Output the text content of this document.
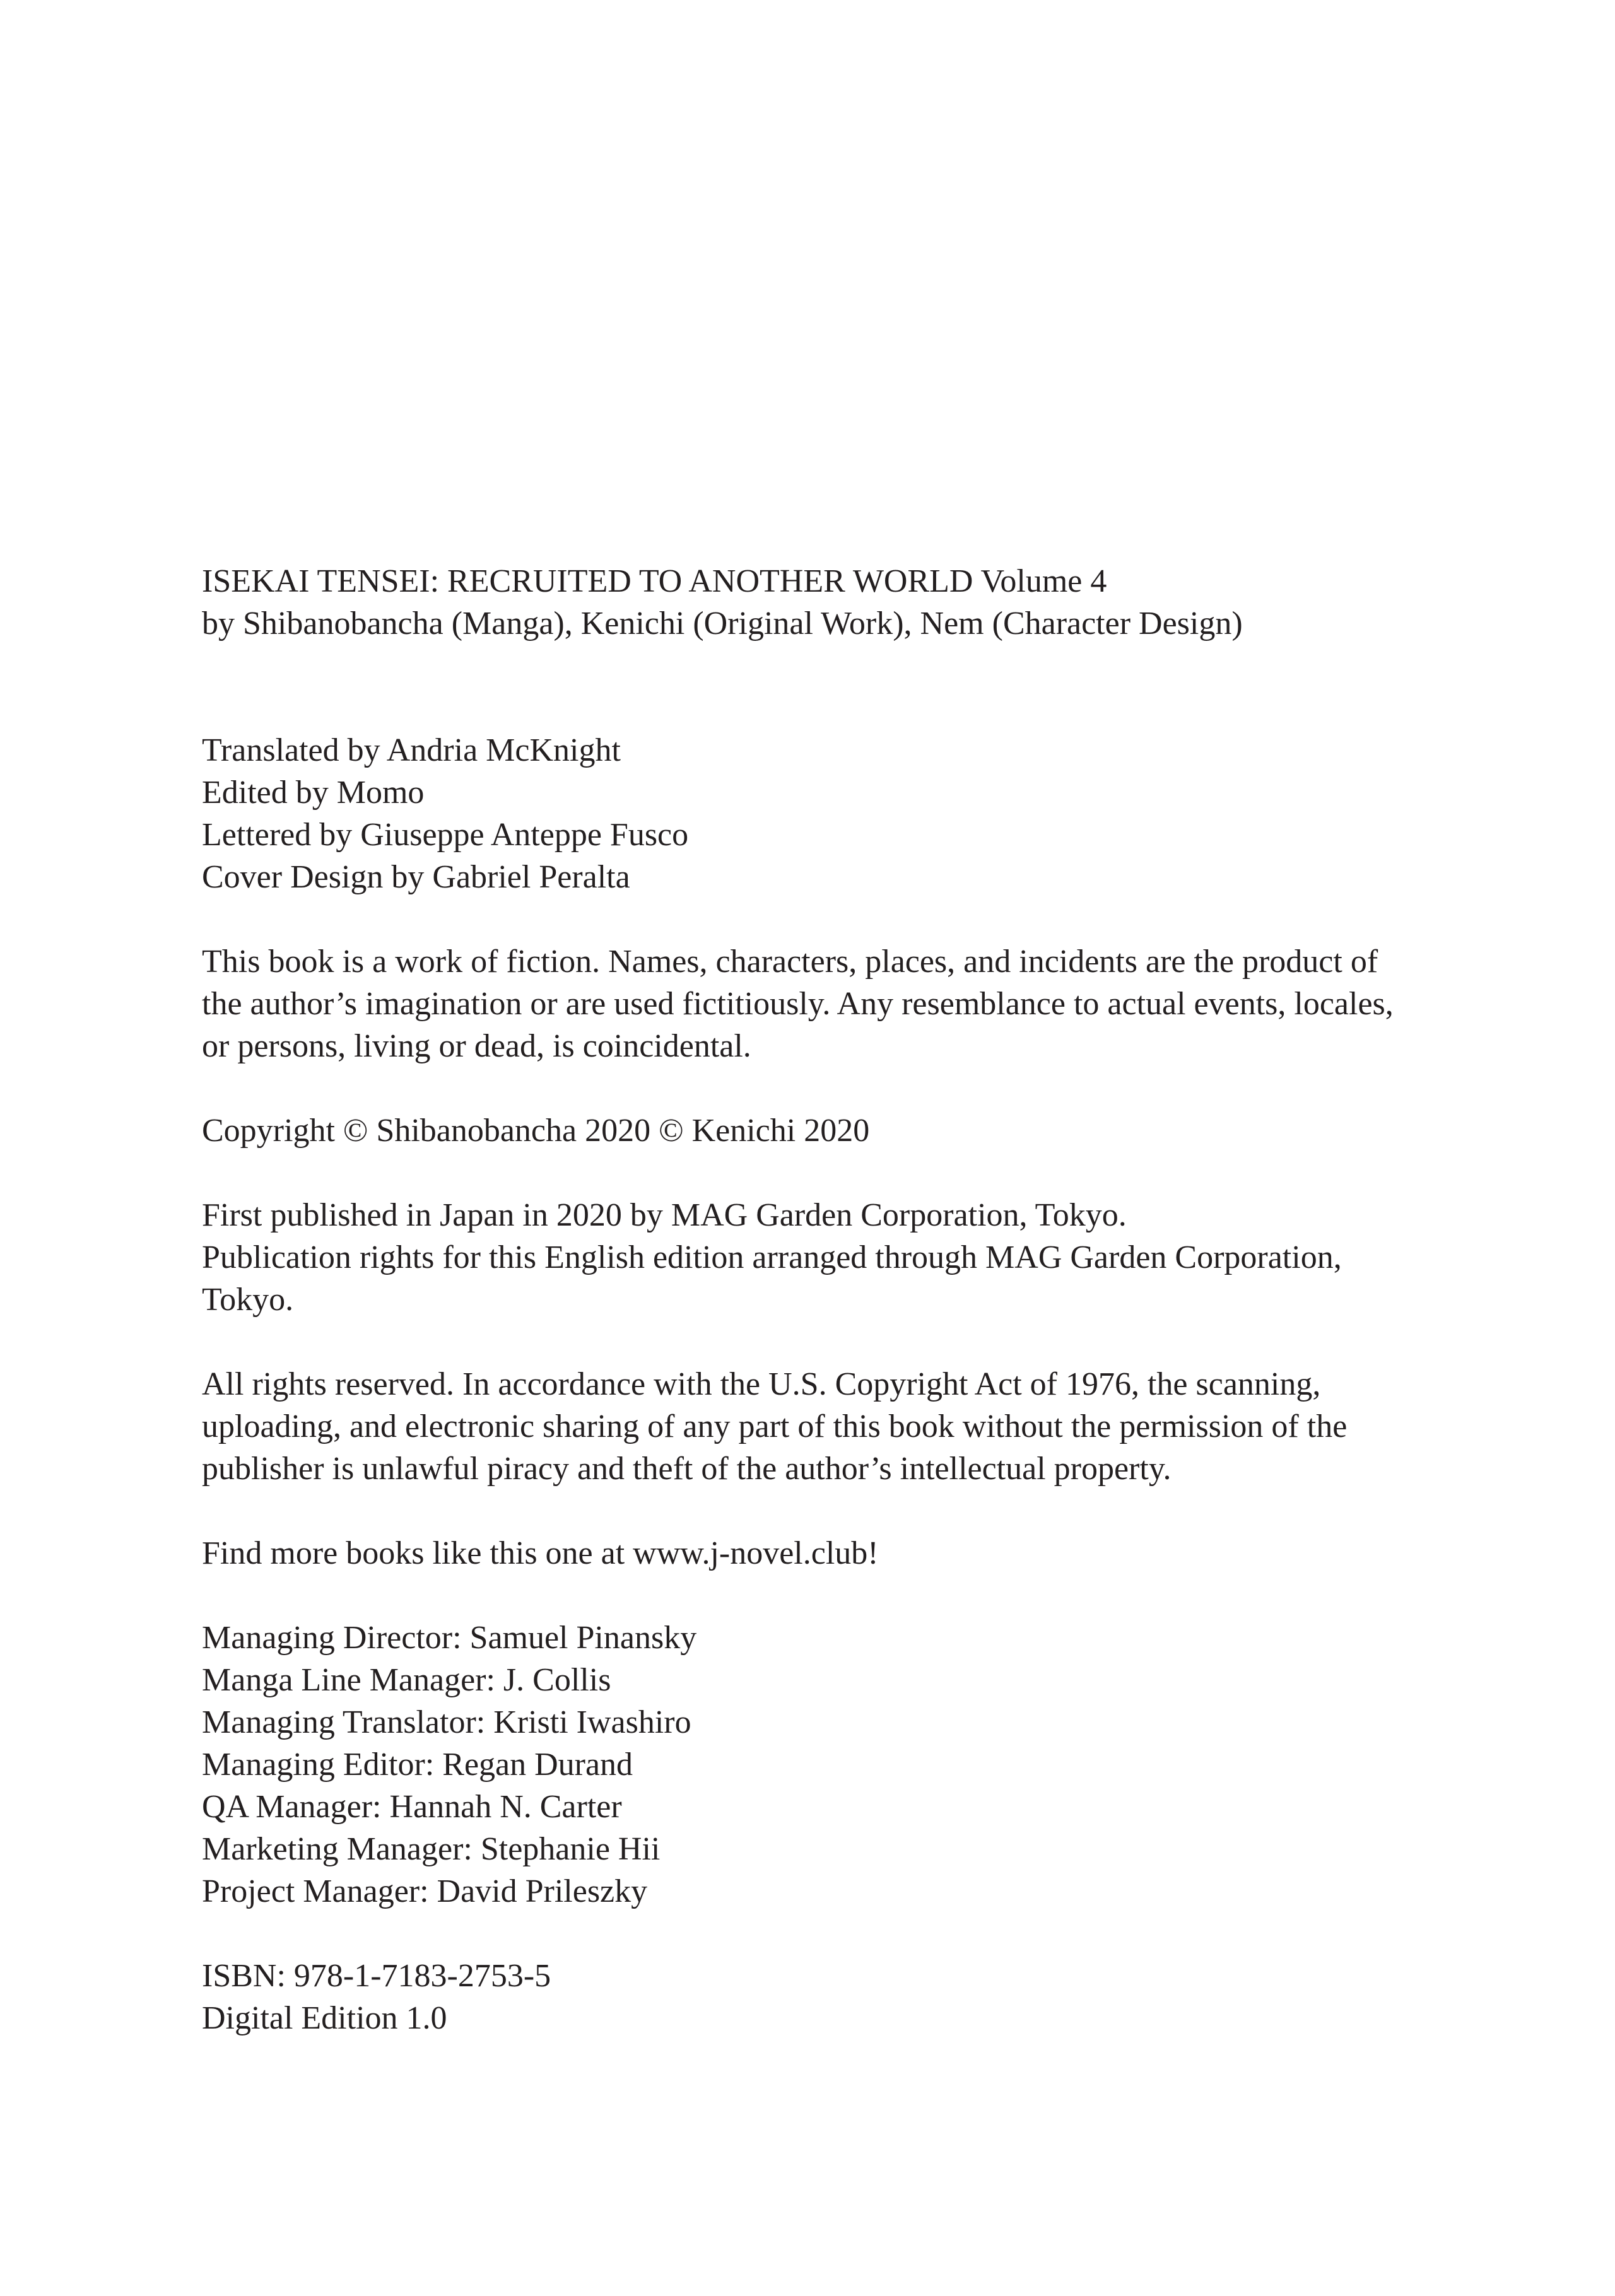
ISEKAI TENSEI: RECRUITED TO ANOTHER WORLD Volume 4
by Shibanobancha (Manga), Kenichi (Original Work), Nem (Character Design)
Translated by Andria McKnight
Edited by Momo
Lettered by Giuseppe Anteppe Fusco
Cover Design by Gabriel Peralta
This book is a work of fiction. Names, characters, places, and incidents are the product of
the author’s imagination or are used fictitiously. Any resemblance to actual events, locales,
or persons, living or dead, is coincidental.
Copyright © Shibanobancha 2020 © Kenichi 2020
First published in Japan in 2020 by MAG Garden Corporation, Tokyo.
Publication rights for this English edition arranged through MAG Garden Corporation,
Tokyo.
All rights reserved. In accordance with the U.S. Copyright Act of 1976, the scanning,
uploading, and electronic sharing of any part of this book without the permission of the
publisher is unlawful piracy and theft of the author’s intellectual property.
Find more books like this one at www.j-novel.club!
Managing Director: Samuel Pinansky
Manga Line Manager: J. Collis
Managing Translator: Kristi Iwashiro
Managing Editor: Regan Durand
QA Manager: Hannah N. Carter
Marketing Manager: Stephanie Hii
Project Manager: David Prileszky
ISBN: 978-1-7183-2753-5
Digital Edition 1.0
